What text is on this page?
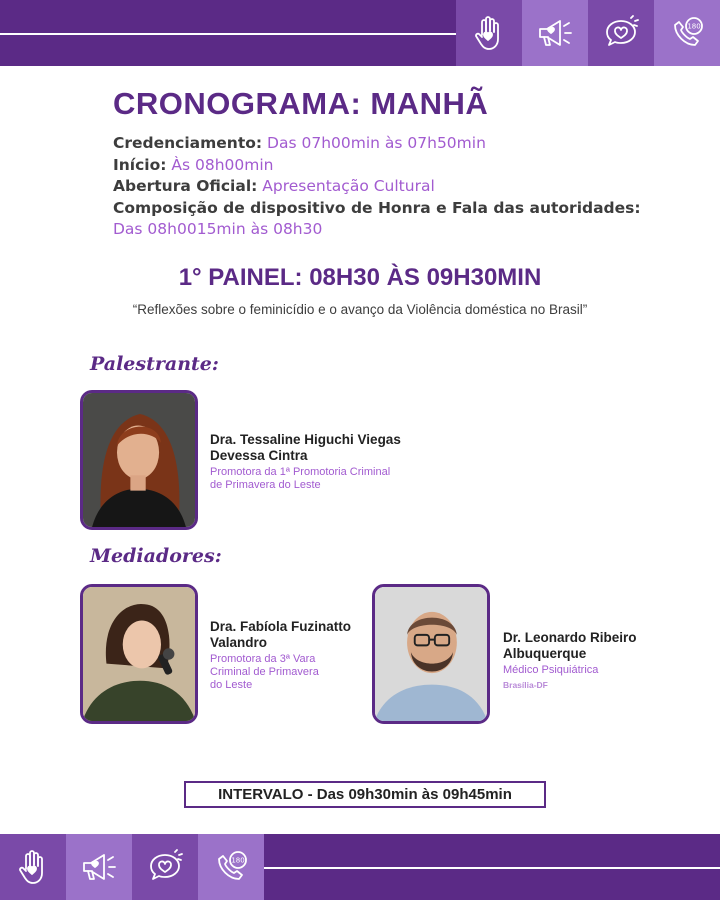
180
CRONOGRAMA: MANHÃ
Credenciamento: Das 07h00min às 07h50min
Início: Às 08h00min
Abertura Oficial: Apresentação Cultural
Composição de dispositivo de Honra e Fala das autoridades:
Das 08h0015min às 08h30
1° PAINEL: 08H30 ÀS 09H30MIN
“Reflexões sobre o feminicídio e o avanço da Violência doméstica no Brasil”
Palestrante:
Dra. Tessaline Higuchi Viegas
Devessa Cintra
Promotora da 1ª Promotoria Criminal
de Primavera do Leste
Mediadores:
Dra. Fabíola Fuzinatto
Valandro
Promotora da 3ª Vara
Criminal de Primavera
do Leste
Dr. Leonardo Ribeiro
Albuquerque
Médico Psiquiátrica
Brasília-DF
INTERVALO - Das 09h30min às 09h45min
180
